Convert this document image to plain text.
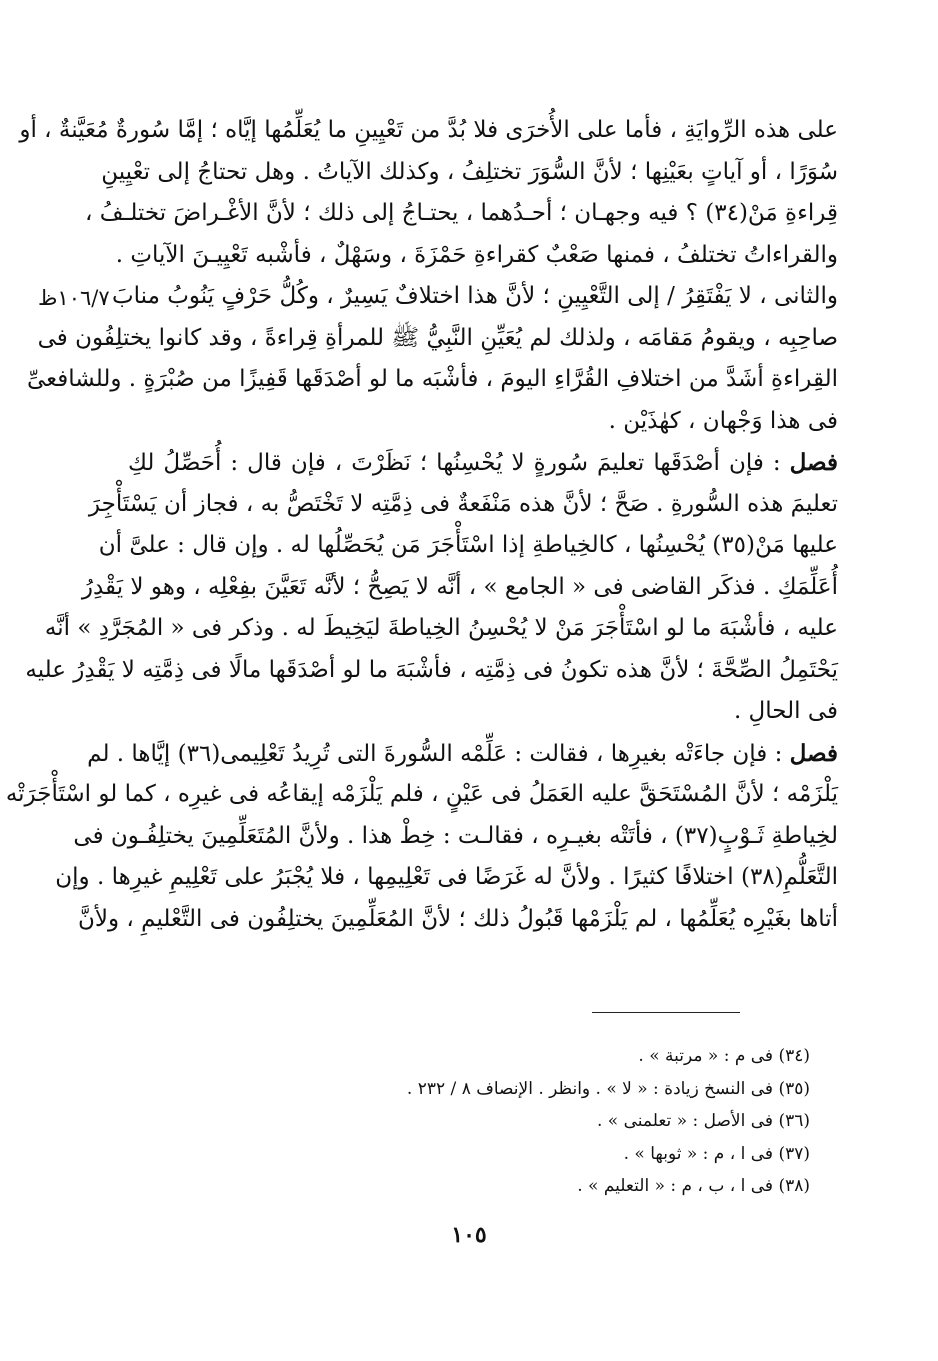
١٠٦/٧ظ
على هذه الرِّوايَةِ ، فأما على الأُخرَى فلا بُدَّ من تَعْيِينِ ما يُعَلِّمُها إيَّاه ؛ إمَّا سُورةٌ مُعَيَّنةٌ ، أو
سُوَرًا ، أو آياتٍ بعَيْنِها ؛ لأنَّ السُّوَرَ تختلِفُ ، وكذلك الآياتُ . وهل تحتاجُ إلى تعْيِينِ
قِراءةِ مَنْ(٣٤) ؟ فيه وجهـان ؛ أحـدُهما ، يحتـاجُ إلى ذلك ؛ لأنَّ الأغْـراضَ تختلـفُ ،
والقراءاتُ تختلفُ ، فمنها صَعْبٌ كقراءةِ حَمْزَةَ ، وسَهْلٌ ، فأشْبه تَعْيِيـنَ الآياتِ .
والثانى ، لا يَفْتَقِرُ / إلى التَّعْيِينِ ؛ لأنَّ هذا اختلافٌ يَسِيرٌ ، وكُلُّ حَرْفٍ يَنُوبُ منابَ
صاحِبِه ، ويقومُ مَقامَه ، ولذلك لم يُعَيِّنِ النَّبِيُّ ﷺ للمرأةِ قِراءةً ، وقد كانوا يختلِفُون فى
القِراءةِ أشَدَّ من اختلافِ القُرَّاءِ اليومَ ، فأشْبَه ما لو أصْدَقَها قَفِيزًا من صُبْرَةٍ . وللشافعىِّ
فى هذا وَجْهان ، كهٰذَيْن .
فصل : فإن أصْدَقَها تعليمَ سُورةٍ لا يُحْسِنُها ؛ نَظَرْتَ ، فإن قال : أُحَصِّلُ لكِ
تعليمَ هذه السُّورةِ . صَحَّ ؛ لأنَّ هذه مَنْفَعةٌ فى ذِمَّتِه لا تَخْتَصُّ به ، فجاز أن يَسْتَأْجِرَ
عليها مَنْ(٣٥) يُحْسِنُها ، كالخِياطةِ إذا اسْتَأْجَرَ مَن يُحَصِّلُها له . وإن قال : علىَّ أن
أُعَلِّمَكِ . فذكَر القاضى فى « الجامع » ، أنَّه لا يَصِحُّ ؛ لأنَّه تَعَيَّنَ بفِعْلِه ، وهو لا يَقْدِرُ
عليه ، فأشْبَهَ ما لو اسْتَأْجَرَ مَنْ لا يُحْسِنُ الخِياطةَ ليَخِيطَ له . وذكر فى « المُجَرَّدِ » أنَّه
يَحْتَمِلُ الصِّحَّةَ ؛ لأنَّ هذه تكونُ فى ذِمَّتِه ، فأشْبَهَ ما لو أصْدَقَها مالًا فى ذِمَّتِه لا يَقْدِرُ عليه
فى الحالِ .
فصل : فإن جاءَتْه بغيرِها ، فقالت : عَلِّمْه السُّورةَ التى تُرِيدُ تَعْلِيمى(٣٦) إيَّاها . لم
يَلْزَمْه ؛ لأنَّ المُسْتَحَقَّ عليه العَمَلُ فى عَيْنٍ ، فلم يَلْزَمْه إيقاعُه فى غيرِه ، كما لو اسْتَأْجَرَتْه
لخِياطةِ ثَـوْبٍ(٣٧) ، فأتَتْه بغيـرِه ، فقالـت : خِطْ هذا . ولأنَّ المُتَعَلِّمِينَ يختلِفُـون فى
التَّعَلُّمِ(٣٨) اختلافًا كثيرًا . ولأنَّ له غَرَضًا فى تَعْلِيمِها ، فلا يُجْبَرُ على تَعْلِيمِ غيرِها . وإن
أتاها بغَيْرِه يُعَلِّمُها ، لم يَلْزَمْها قَبُولُ ذلك ؛ لأنَّ المُعَلِّمِينَ يختلِفُون فى التَّعْليمِ ، ولأنَّ
(٣٤) فى م : « مرتبة » .
(٣٥) فى النسخ زيادة : « لا » . وانظر . الإنصاف ٨ / ٢٣٢ .
(٣٦) فى الأصل : « تعلمنى » .
(٣٧) فى ا ، م : « ثوبها » .
(٣٨) فى ا ، ب ، م : « التعليم » .
١٠٥
